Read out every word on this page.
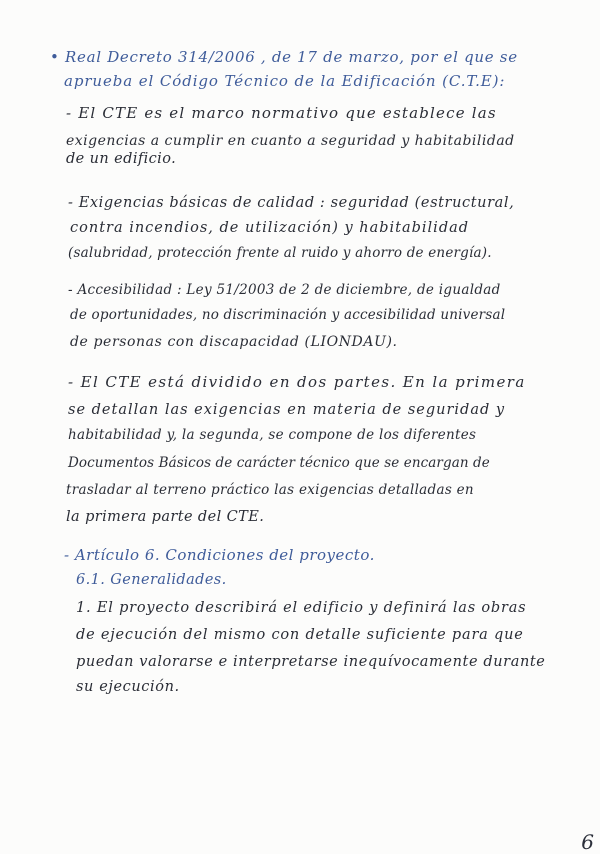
• Real Decreto 314/2006 , de 17 de marzo, por el que se
aprueba el Código Técnico de la Edificación (C.T.E):
- El CTE es el marco normativo que establece las
exigencias a cumplir en cuanto a seguridad y habitabilidad
de un edificio.
- Exigencias básicas de calidad : seguridad (estructural,
contra incendios, de utilización) y habitabilidad
(salubridad, protección frente al ruido y ahorro de energía).
- Accesibilidad : Ley 51/2003 de 2 de diciembre, de igualdad
de oportunidades, no discriminación y accesibilidad universal
de personas con discapacidad (LIONDAU).
- El CTE está dividido en dos partes. En la primera
se detallan las exigencias en materia de seguridad y
habitabilidad y, la segunda, se compone de los diferentes
Documentos Básicos de carácter técnico que se encargan de
trasladar al terreno práctico las exigencias detalladas en
la primera parte del CTE.
- Artículo 6. Condiciones del proyecto.
6.1. Generalidades.
1. El proyecto describirá el edificio y definirá las obras
de ejecución del mismo con detalle suficiente para que
puedan valorarse e interpretarse inequívocamente durante
su ejecución.
6
